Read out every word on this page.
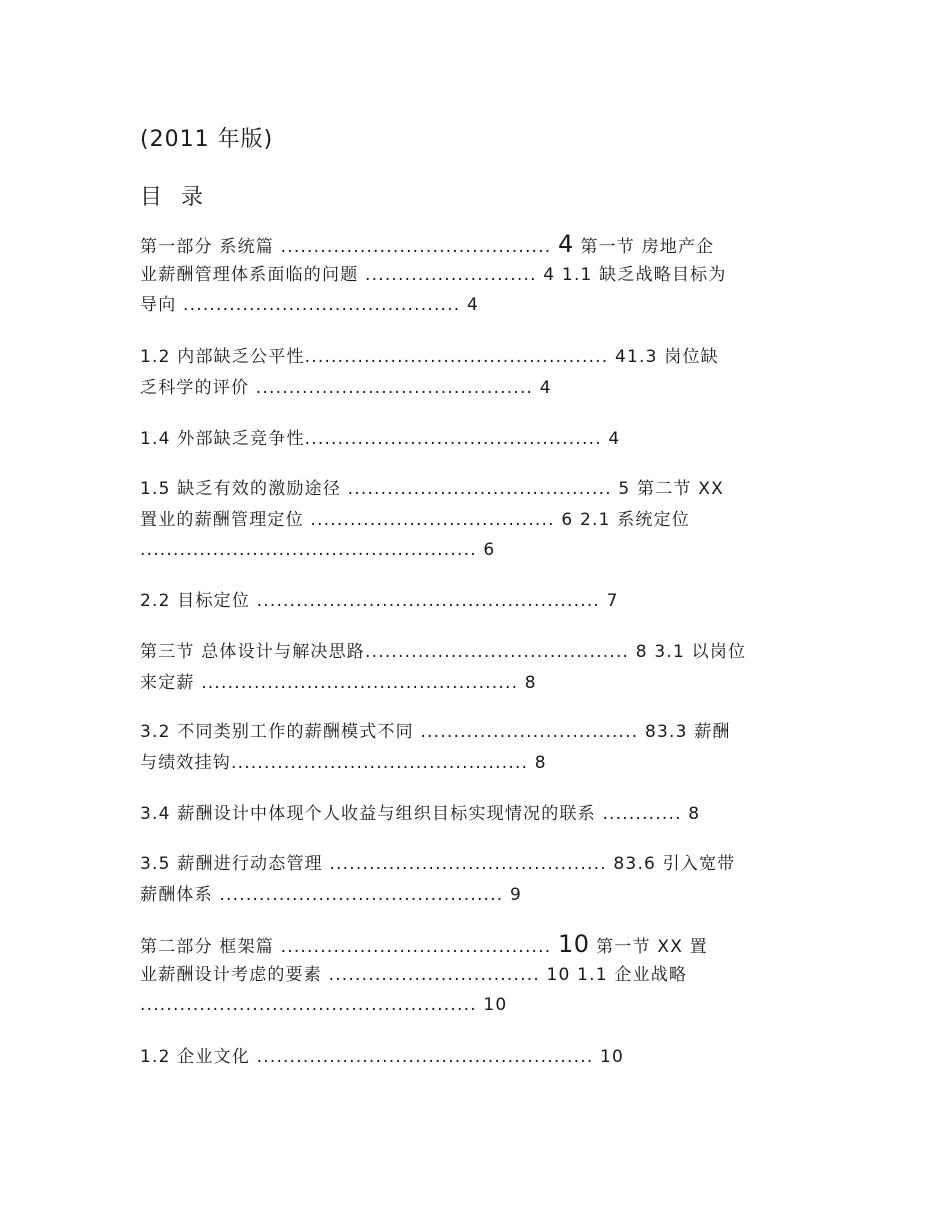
(2011 年版)
目 录
第一部分 系统篇 ......................................... 4 第一节 房地产企
业薪酬管理体系面临的问题 .......................... 4 1.1 缺乏战略目标为
导向 .......................................... 4
1.2 内部缺乏公平性.............................................. 41.3 岗位缺
乏科学的评价 .......................................... 4
1.4 外部缺乏竞争性............................................. 4
1.5 缺乏有效的激励途径 ........................................ 5 第二节 XX
置业的薪酬管理定位 ..................................... 6 2.1 系统定位
................................................... 6
2.2 目标定位 .................................................... 7
第三节 总体设计与解决思路........................................ 8 3.1 以岗位
来定薪 ................................................ 8
3.2 不同类别工作的薪酬模式不同 ................................. 83.3 薪酬
与绩效挂钩............................................. 8
3.4 薪酬设计中体现个人收益与组织目标实现情况的联系 ............ 8
3.5 薪酬进行动态管理 .......................................... 83.6 引入宽带
薪酬体系 ........................................... 9
第二部分 框架篇 ......................................... 10 第一节 XX 置
业薪酬设计考虑的要素 ................................ 10 1.1 企业战略
................................................... 10
1.2 企业文化 ................................................... 10
